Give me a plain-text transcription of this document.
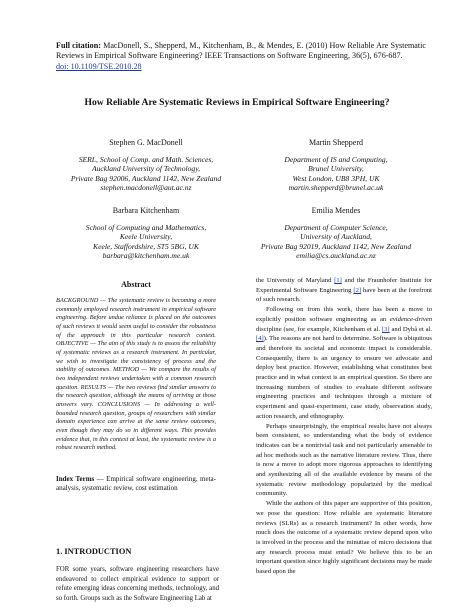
Full citation: MacDonell, S., Shepperd, M., Kitchenham, B., & Mendes, E. (2010) How Reliable Are Systematic Reviews in Empirical Software Engineering? IEEE Transactions on Software Engineering, 36(5), 676-687.
doi: 10.1109/TSE.2010.28
How Reliable Are Systematic Reviews in Empirical Software Engineering?
Stephen G. MacDonell
SERL, School of Comp. and Math. Sciences,
Auckland University of Technology,
Private Bag 92006, Auckland 1142, New Zealand
stephen.macdonell@aut.ac.nz
Martin Shepperd
Department of IS and Computing,
Brunel University,
West London, UB8 3PH, UK
martin.shepperd@brunel.ac.uk
Barbara Kitchenham
School of Computing and Mathematics,
Keele University,
Keele, Staffordshire, ST5 5BG, UK
barbara@kitchenham.me.uk
Emilia Mendes
Department of Computer Science,
University of Auckland,
Private Bag 92019, Auckland 1142, New Zealand
emilia@cs.auckland.ac.nz
Abstract
BACKGROUND — The systematic review is becoming a more commonly employed research instrument in empirical software engineering. Before undue reliance is placed on the outcomes of such reviews it would seem useful to consider the robustness of the approach in this particular research context. OBJECTIVE — The aim of this study is to assess the reliability of systematic reviews as a research instrument. In particular, we wish to investigate the consistency of process and the stability of outcomes. METHOD — We compare the results of two independent reviews undertaken with a common research question. RESULTS — The two reviews find similar answers to the research question, although the means of arriving at those answers vary. CONCLUSIONS — In addressing a well-bounded research question, groups of researchers with similar domain experience can arrive at the same review outcomes, even though they may do so in different ways. This provides evidence that, in this context at least, the systematic review is a robust research method.
Index Terms — Empirical software engineering, meta-analysis, systematic review, cost estimation
1. INTRODUCTION
FOR some years, software engineering researchers have endeavored to collect empirical evidence to support or refute emerging ideas concerning methods, technology, and so forth. Groups such as the Software Engineering Lab at

the University of Maryland [1] and the Fraunhofer Institute for Experimental Software Engineering [2] have been at the forefront of such research.

Following on from this work, there has been a move to explicitly position software engineering as an evidence-driven discipline (see, for example, Kitchenham et al. [3] and Dybå et al. [4]). The reasons are not hard to determine. Software is ubiquitous and therefore its societal and economic impact is considerable. Consequently, there is an urgency to ensure we advocate and deploy best practice. However, establishing what constitutes best practice and in what context is an empirical question. So there are increasing numbers of studies to evaluate different software engineering practices and techniques through a mixture of experiment and quasi-experiment, case study, observation study, action research, and ethnography.

Perhaps unsurprisingly, the empirical results have not always been consistent, so understanding what the body of evidence indicates can be a nontrivial task and not particularly amenable to ad hoc methods such as the narrative literature review. Thus, there is now a move to adopt more rigorous approaches to identifying and synthesizing all of the available evidence by means of the systematic review methodology popularized by the medical community.

While the authors of this paper are supportive of this position, we pose the question: How reliable are systematic literature reviews (SLRs) as a research instrument? In other words, how much does the outcome of a systematic review depend upon who is involved in the process and the minutiae of micro decisions that any research process must entail? We believe this to be an important question since highly significant decisions may be made based upon the
